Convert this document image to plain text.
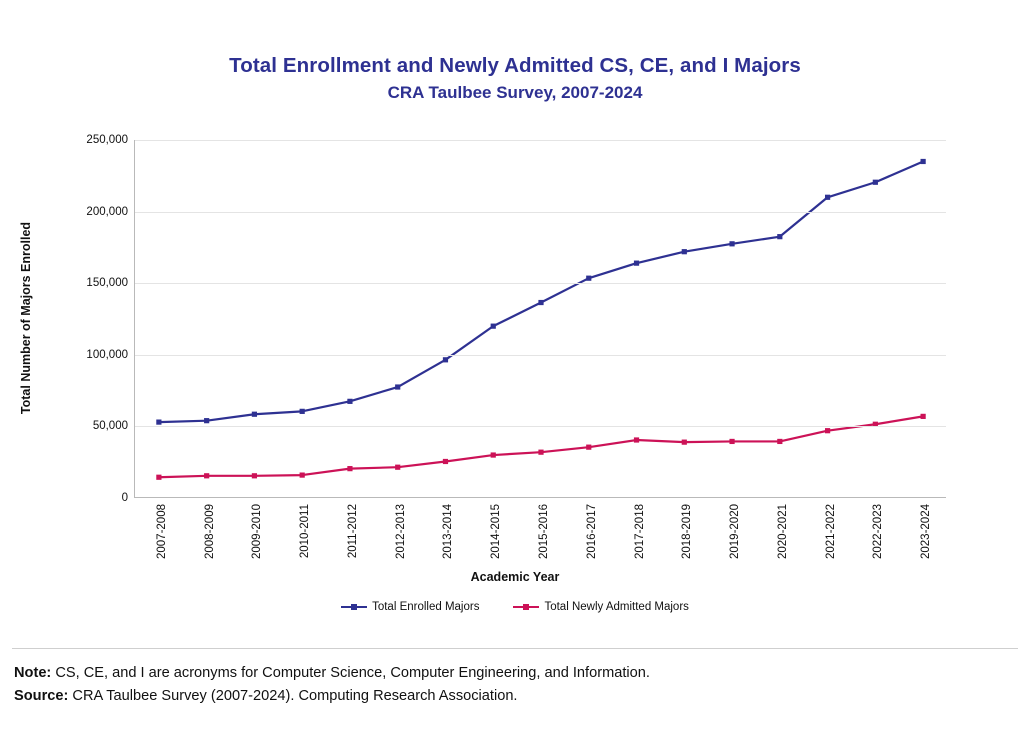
Total Enrollment and Newly Admitted CS, CE, and I Majors
CRA Taulbee Survey, 2007-2024
Total Number of Majors Enrolled
0
50,000
100,000
150,000
200,000
250,000
2007-2008	2008-2009	2009-2010	2010-2011	2011-2012	2012-2013	2013-2014	2014-2015	2015-2016	2016-2017	2017-2018	2018-2019	2019-2020	2020-2021	2021-2022	2022-2023	2023-2024
Academic Year
Total Enrolled Majors	Total Newly Admitted Majors
Note: CS, CE, and I are acronyms for Computer Science, Computer Engineering, and Information.
Source: CRA Taulbee Survey (2007-2024). Computing Research Association.
